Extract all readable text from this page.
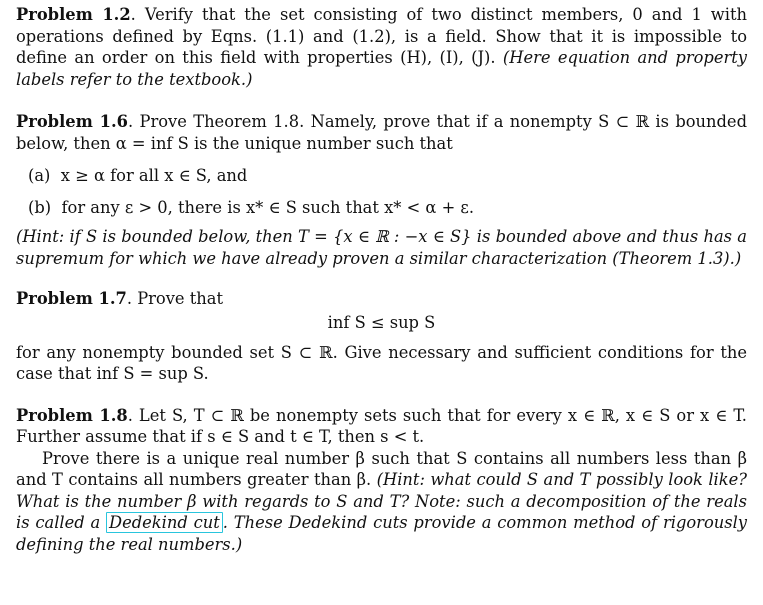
Problem 1.2. Verify that the set consisting of two distinct members, 0 and 1 with operations defined by Eqns. (1.1) and (1.2), is a field. Show that it is impossible to define an order on this field with properties (H), (I), (J). (Here equation and property labels refer to the textbook.)

Problem 1.6. Prove Theorem 1.8. Namely, prove that if a nonempty S ⊂ ℝ is bounded below, then α = inf S is the unique number such that

(a) x ≥ α for all x ∈ S, and

(b) for any ε > 0, there is x* ∈ S such that x* < α + ε.

(Hint: if S is bounded below, then T = {x ∈ ℝ : −x ∈ S} is bounded above and thus has a supremum for which we have already proven a similar characterization (Theorem 1.3).)

Problem 1.7. Prove that

inf S ≤ sup S

for any nonempty bounded set S ⊂ ℝ. Give necessary and sufficient conditions for the case that inf S = sup S.

Problem 1.8. Let S, T ⊂ ℝ be nonempty sets such that for every x ∈ ℝ, x ∈ S or x ∈ T. Further assume that if s ∈ S and t ∈ T, then s < t.

Prove there is a unique real number β such that S contains all numbers less than β and T contains all numbers greater than β. (Hint: what could S and T possibly look like? What is the number β with regards to S and T? Note: such a decomposition of the reals is called a Dedekind cut . These Dedekind cuts provide a common method of rigorously defining the real numbers.)
